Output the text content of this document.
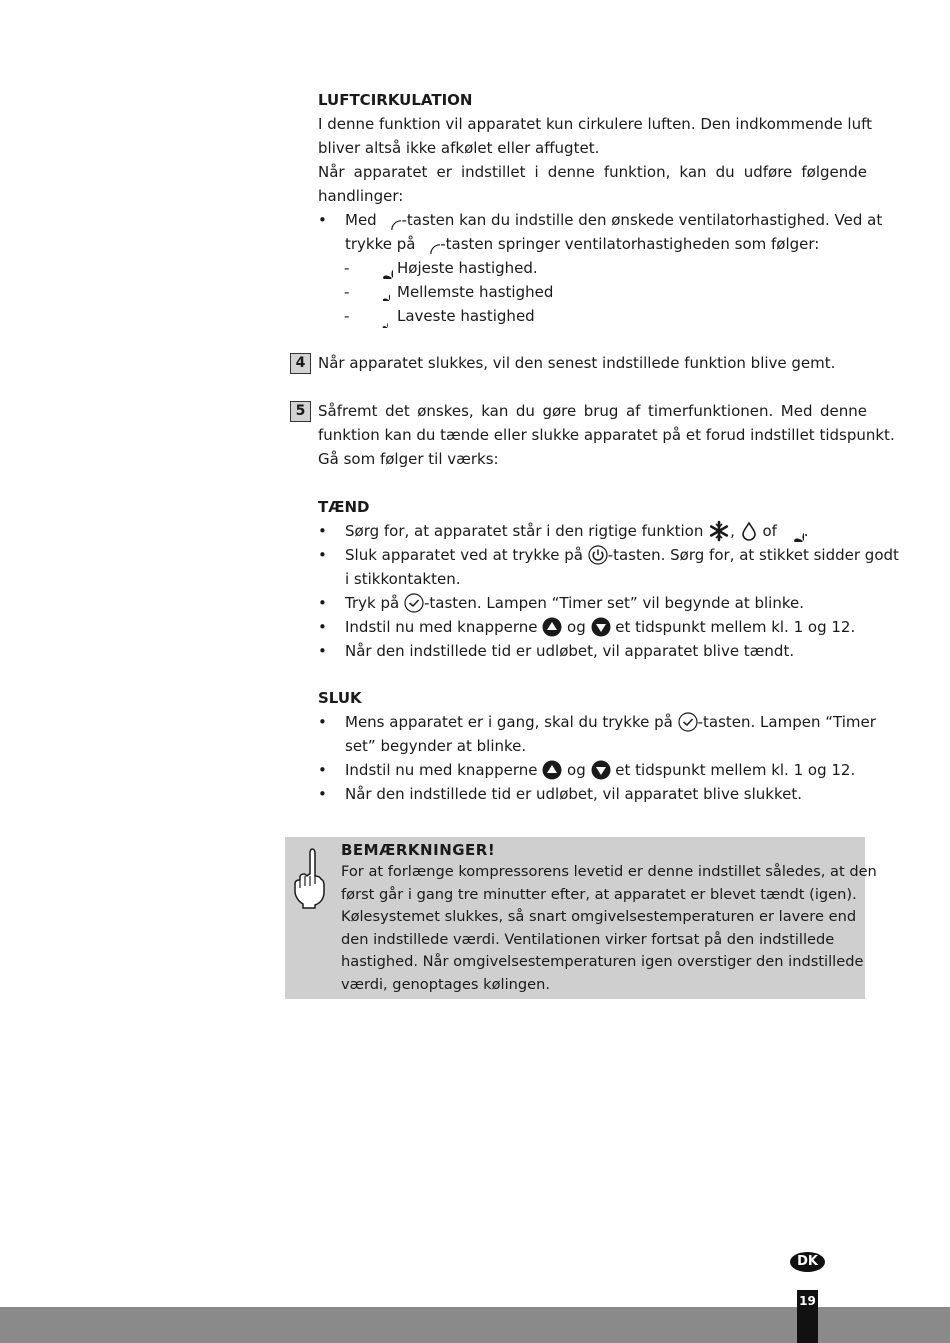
LUFTCIRKULATION
I denne funktion vil apparatet kun cirkulere luften. Den indkommende luft
bliver altså ikke afkølet eller affugtet.
Når apparatet er indstillet i denne funktion, kan du udføre følgende
handlinger:
• Med
-tasten kan du indstille den ønskede ventilatorhastighed. Ved at
trykke på
-tasten springer ventilatorhastigheden som følger:
-	Højeste hastighed.
-	Mellemste hastighed
-	Laveste hastighed
4 Når apparatet slukkes, vil den senest indstillede funktion blive gemt.
5 Såfremt det ønskes, kan du gøre brug af timerfunktionen. Med denne
funktion kan du tænde eller slukke apparatet på et forud indstillet tidspunkt.
Gå som følger til værks:
TÆND
• Sørg for, at apparatet står i den rigtige funktion
, of .
• Sluk apparatet ved at trykke på
-tasten. Sørg for, at stikket sidder godt
i stikkontakten.
• Tryk på
-tasten. Lampen “Timer set” vil begynde at blinke.
• Indstil nu med knapperne
og et tidspunkt mellem kl. 1 og 12.
• Når den indstillede tid er udløbet, vil apparatet blive tændt.
SLUK
• Mens apparatet er i gang, skal du trykke på
-tasten. Lampen “Timer
set” begynder at blinke.
• Indstil nu med knapperne
og et tidspunkt mellem kl. 1 og 12.
• Når den indstillede tid er udløbet, vil apparatet blive slukket.
BEMÆRKNINGER!
For at forlænge kompressorens levetid er denne indstillet således, at den
først går i gang tre minutter efter, at apparatet er blevet tændt (igen).
Kølesystemet slukkes, så snart omgivelsestemperaturen er lavere end
den indstillede værdi. Ventilationen virker fortsat på den indstillede
hastighed. Når omgivelsestemperaturen igen overstiger den indstillede
værdi, genoptages kølingen.
DK
19
